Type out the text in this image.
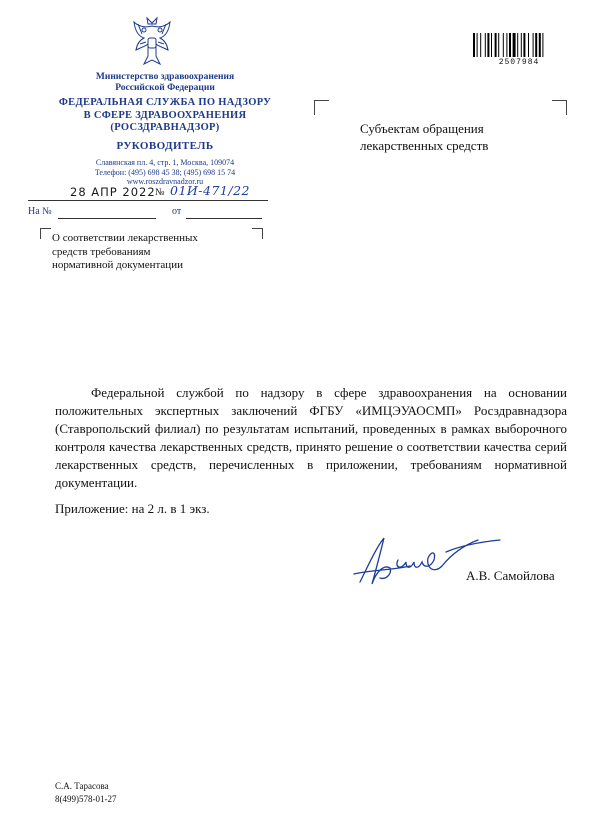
Министерство здравоохранения
Российской Федерации
ФЕДЕРАЛЬНАЯ СЛУЖБА ПО НАДЗОРУ
В СФЕРЕ ЗДРАВООХРАНЕНИЯ
(РОСЗДРАВНАДЗОР)
РУКОВОДИТЕЛЬ
Славянская пл. 4, стр. 1, Москва, 109074
Телефон: (495) 698 45 38; (495) 698 15 74
www.roszdravnadzor.ru
2507984
28 АПР 2022 № 01И-471/22
На №	от
О соответствии лекарственных
средств требованиям
нормативной документации
Субъектам обращения
лекарственных средств
Федеральной службой по надзору в сфере здравоохранения на основании положительных экспертных заключений ФГБУ «ИМЦЭУАОСМП» Росздравнадзора (Ставропольский филиал) по результатам испытаний, проведенных в рамках выборочного контроля качества лекарственных средств, принято решение о соответствии качества серий лекарственных средств, перечисленных в приложении, требованиям нормативной документации.
Приложение: на 2 л. в 1 экз.
А.В. Самойлова
С.А. Тарасова
8(499)578-01-27
